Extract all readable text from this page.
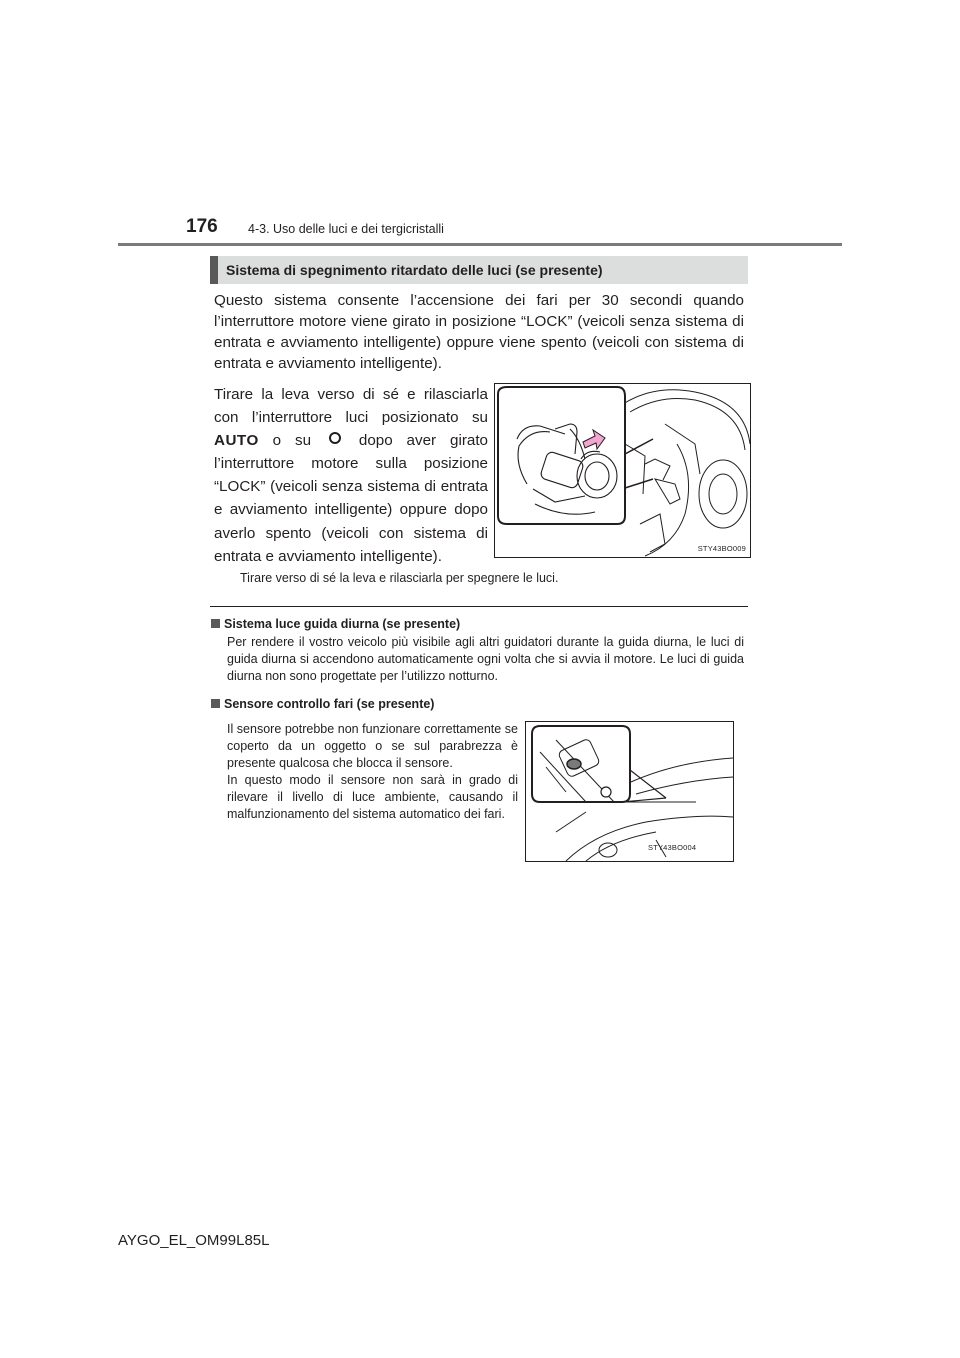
176 4-3. Uso delle luci e dei tergicristalli
Sistema di spegnimento ritardato delle luci (se presente)

Questo sistema consente l’accensione dei fari per 30 secondi quando l’interruttore motore viene girato in posizione “LOCK” (veicoli senza sistema di entrata e avviamento intelligente) oppure viene spento (veicoli con sistema di entrata e avviamento intelligente).

Tirare la leva verso di sé e rilasciarla con l’interruttore luci posizionato su AUTO o su  dopo aver girato l’interruttore motore sulla posizione “LOCK” (veicoli senza sistema di entrata e avviamento intelligente) oppure dopo averlo spento (veicoli con sistema di entrata e avviamento intelligente).	STY43BO009

Tirare verso di sé la leva e rilasciarla per spegnere le luci.

Sistema luce guida diurna (se presente)

Per rendere il vostro veicolo più visibile agli altri guidatori durante la guida diurna, le luci di guida diurna si accendono automaticamente ogni volta che si avvia il motore. Le luci di guida diurna non sono progettate per l’utilizzo notturno.

Sensore controllo fari (se presente)

Il sensore potrebbe non funzionare correttamente se coperto da un oggetto o se sul parabrezza è presente qualcosa che blocca il sensore.
In questo modo il sensore non sarà in grado di rilevare il livello di luce ambiente, causando il malfunzionamento del sistema automatico dei fari.

STY43BO004
AYGO_EL_OM99L85L
